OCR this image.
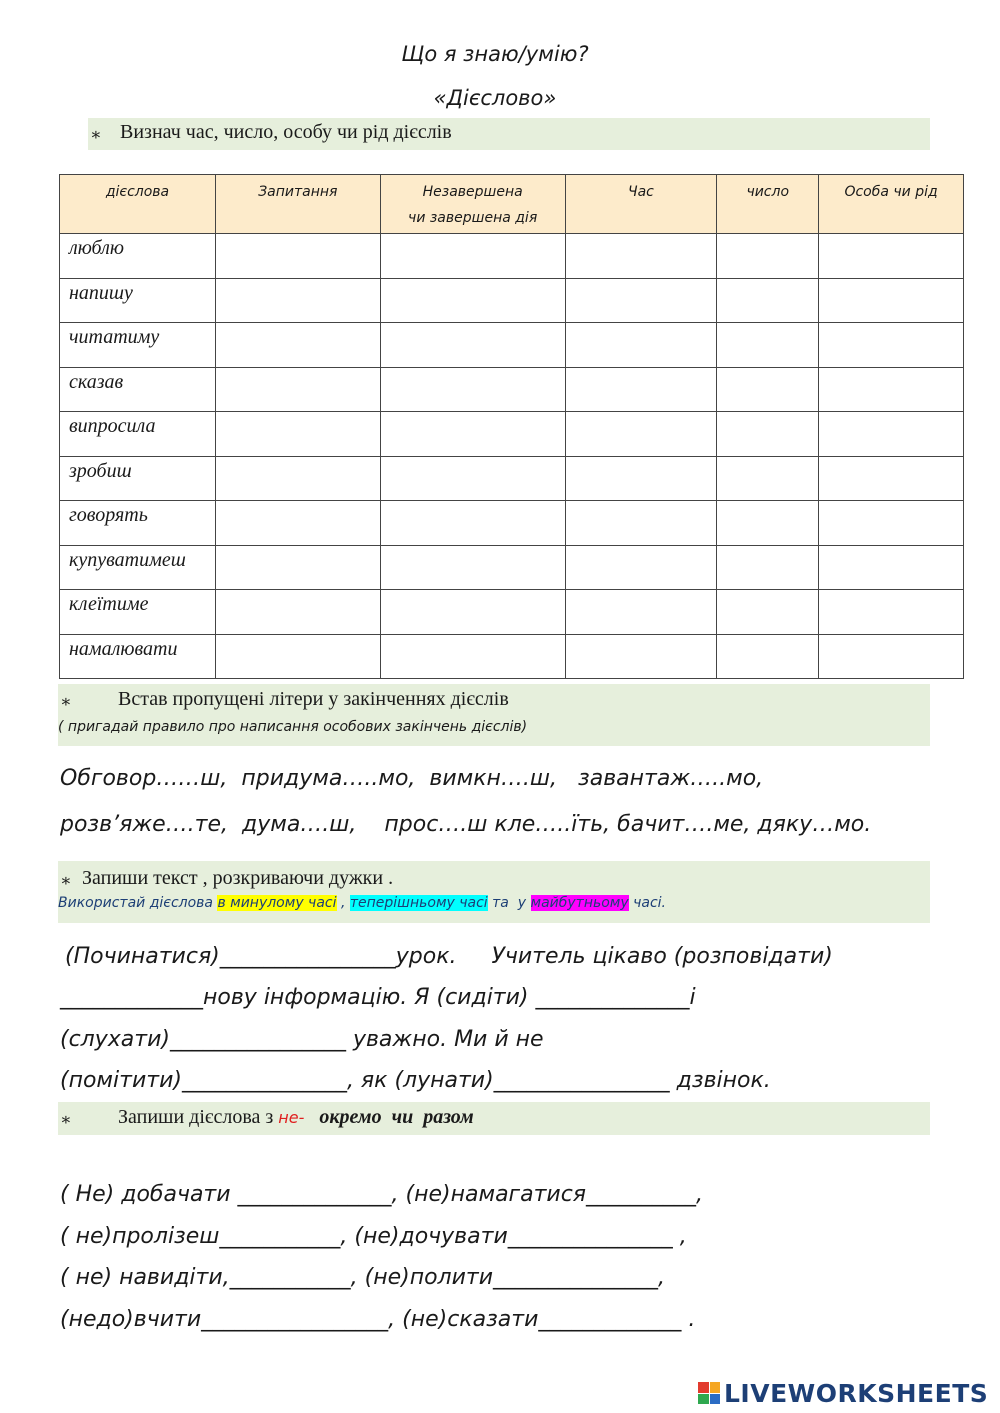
Що я знаю/умію?
«Дієслово»
∗ Визнач час, число, особу чи рід дієслів
дієслова	Запитання	Незавершена
чи завершена дія	Час	число	Особа чи рід
люблю					
напишу					
читатиму					
сказав					
випросила					
зробиш					
говорять					
купуватимеш					
клеїтиме					
намалювати					
∗ Встав пропущені літери у закінченнях дієслів
( пригадай правило про написання особових закінчень дієслів)
Обговор……ш,  придума…..мо,  вимкн….ш,   завантаж…..мо,
розв’яже….те,  дума….ш,    прос….ш кле…..їть, бачит….ме, дяку…мо.
∗ Запиши текст , розкриваючи дужки .
Використай дієслова в минулому часі , теперішньому часі та  у майбутньому часі.
(Починатися)________________урок.     Учитель цікаво (розповідати)
_____________нову інформацію. Я (сидіти) ______________і
(слухати)________________ уважно. Ми й не
(помітити)_______________, як (лунати)________________ дзвінок.
∗ Запиши дієслова з не- окремо  чи  разом
( Не) добачати ______________, (не)намагатися__________,
( не)пролізеш___________, (не)дочувати_______________ ,
( не) навидіти,___________, (не)полити_______________,
(недо)вчити_________________, (не)сказати_____________ .
LIVEWORKSHEETS
